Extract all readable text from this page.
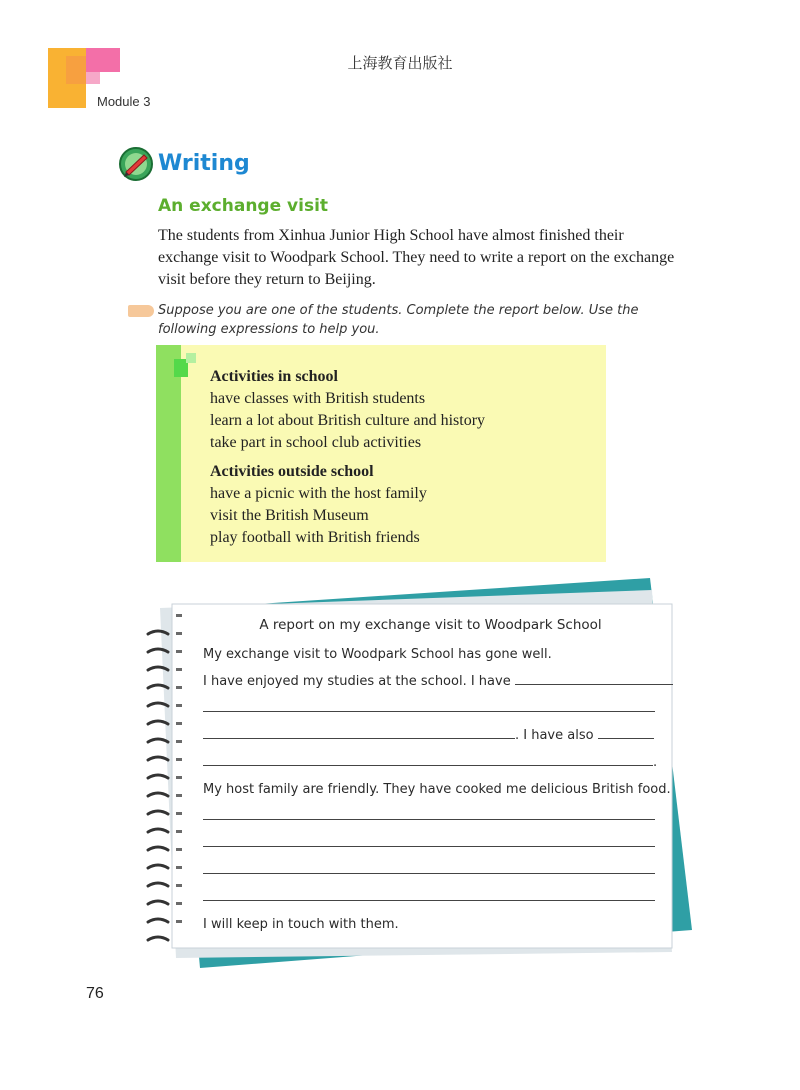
上海教育出版社
Module 3
Writing
An exchange visit
The students from Xinhua Junior High School have almost finished their exchange visit to Woodpark School. They need to write a report on the exchange visit before they return to Beijing.
Suppose you are one of the students. Complete the report below. Use the following expressions to help you.
Activities in school
have classes with British students
learn a lot about British culture and history
take part in school club activities
Activities outside school
have a picnic with the host family
visit the British Museum
play football with British friends
A report on my exchange visit to Woodpark School
My exchange visit to Woodpark School has gone well.
I have enjoyed my studies at the school. I have
. I have also
.
My host family are friendly. They have cooked me delicious British food.
I will keep in touch with them.
76
